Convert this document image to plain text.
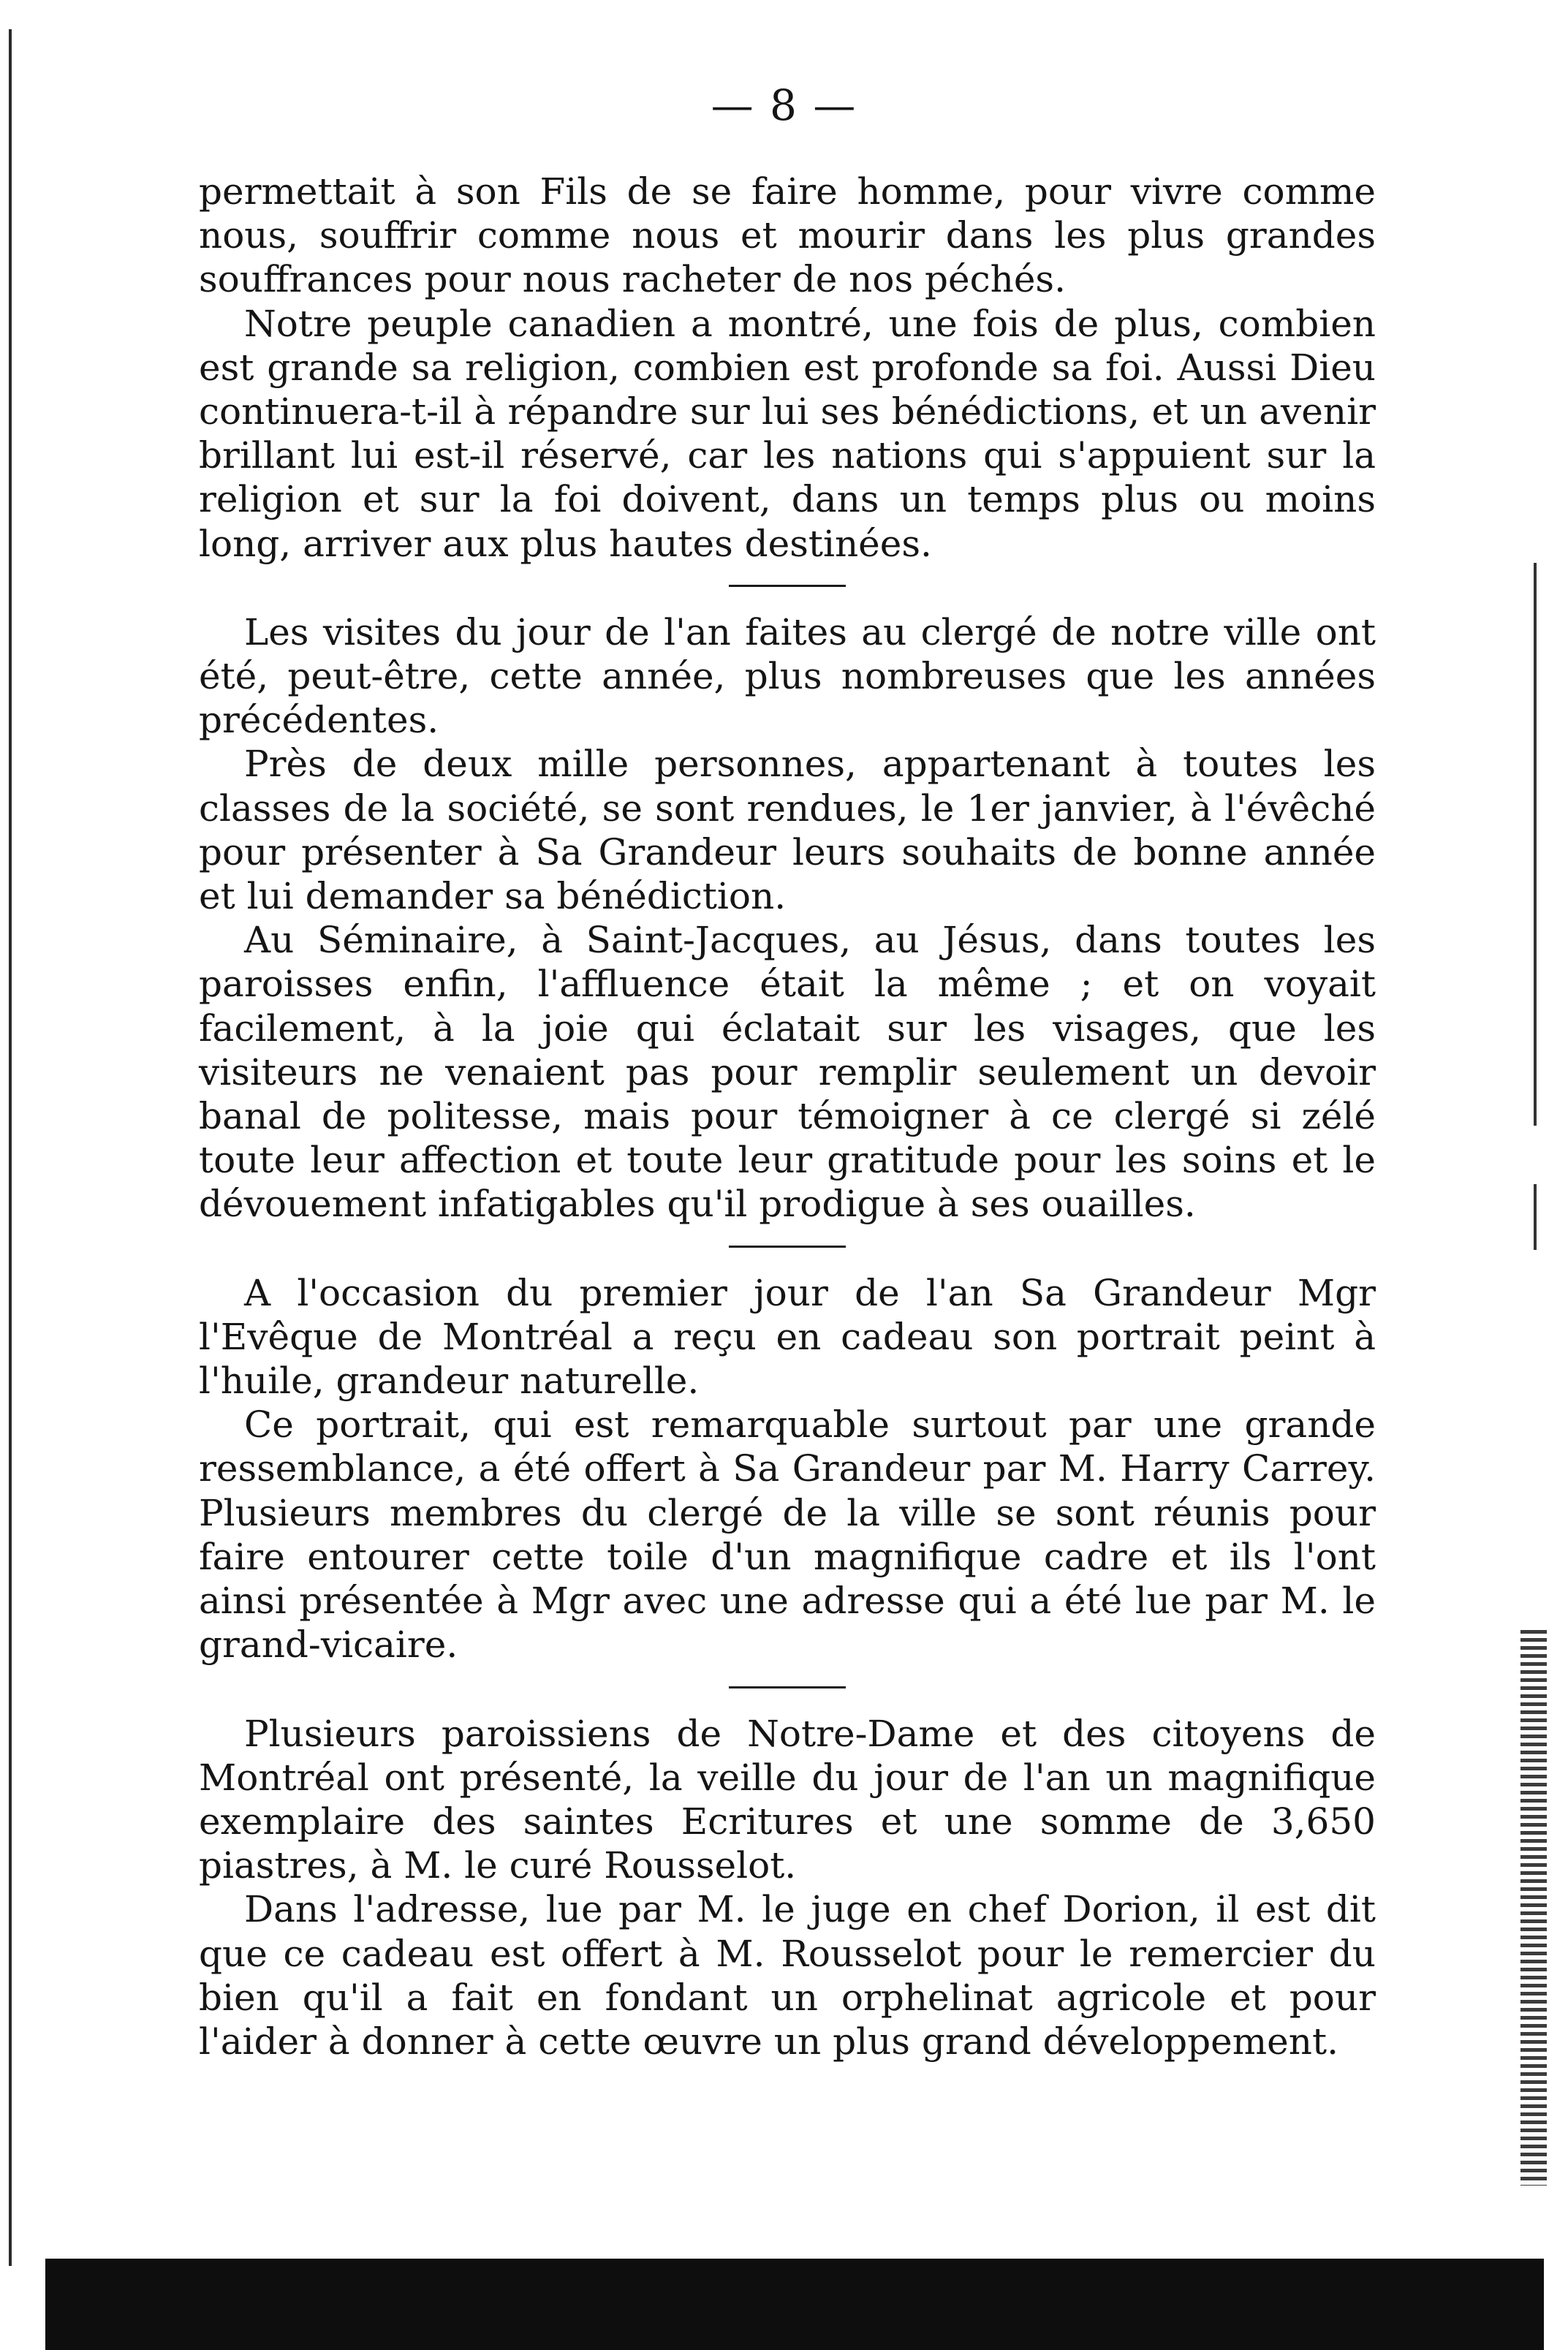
— 8 —

permettait à son Fils de se faire homme, pour vivre comme nous, souffrir comme nous et mourir dans les plus grandes souffrances pour nous racheter de nos péchés.

Notre peuple canadien a montré, une fois de plus, combien est grande sa religion, combien est profonde sa foi. Aussi Dieu continuera-t-il à répandre sur lui ses bénédictions, et un avenir brillant lui est-il réservé, car les nations qui s'appuient sur la religion et sur la foi doivent, dans un temps plus ou moins long, arriver aux plus hautes destinées.

Les visites du jour de l'an faites au clergé de notre ville ont été, peut-être, cette année, plus nombreuses que les années précédentes.

Près de deux mille personnes, appartenant à toutes les classes de la société, se sont rendues, le 1er janvier, à l'évêché pour présenter à Sa Grandeur leurs souhaits de bonne année et lui demander sa bénédiction.

Au Séminaire, à Saint-Jacques, au Jésus, dans toutes les paroisses enfin, l'affluence était la même ; et on voyait facilement, à la joie qui éclatait sur les visages, que les visiteurs ne venaient pas pour remplir seulement un devoir banal de politesse, mais pour témoigner à ce clergé si zélé toute leur affection et toute leur gratitude pour les soins et le dévouement infatigables qu'il prodigue à ses ouailles.

A l'occasion du premier jour de l'an Sa Grandeur Mgr l'Evêque de Montréal a reçu en cadeau son portrait peint à l'huile, grandeur naturelle.

Ce portrait, qui est remarquable surtout par une grande ressemblance, a été offert à Sa Grandeur par M. Harry Carrey. Plusieurs membres du clergé de la ville se sont réunis pour faire entourer cette toile d'un magnifique cadre et ils l'ont ainsi présentée à Mgr avec une adresse qui a été lue par M. le grand-vicaire.

Plusieurs paroissiens de Notre-Dame et des citoyens de Montréal ont présenté, la veille du jour de l'an un magnifique exemplaire des saintes Ecritures et une somme de 3,650 piastres, à M. le curé Rousselot.

Dans l'adresse, lue par M. le juge en chef Dorion, il est dit que ce cadeau est offert à M. Rousselot pour le remercier du bien qu'il a fait en fondant un orphelinat agricole et pour l'aider à donner à cette œuvre un plus grand développement.
